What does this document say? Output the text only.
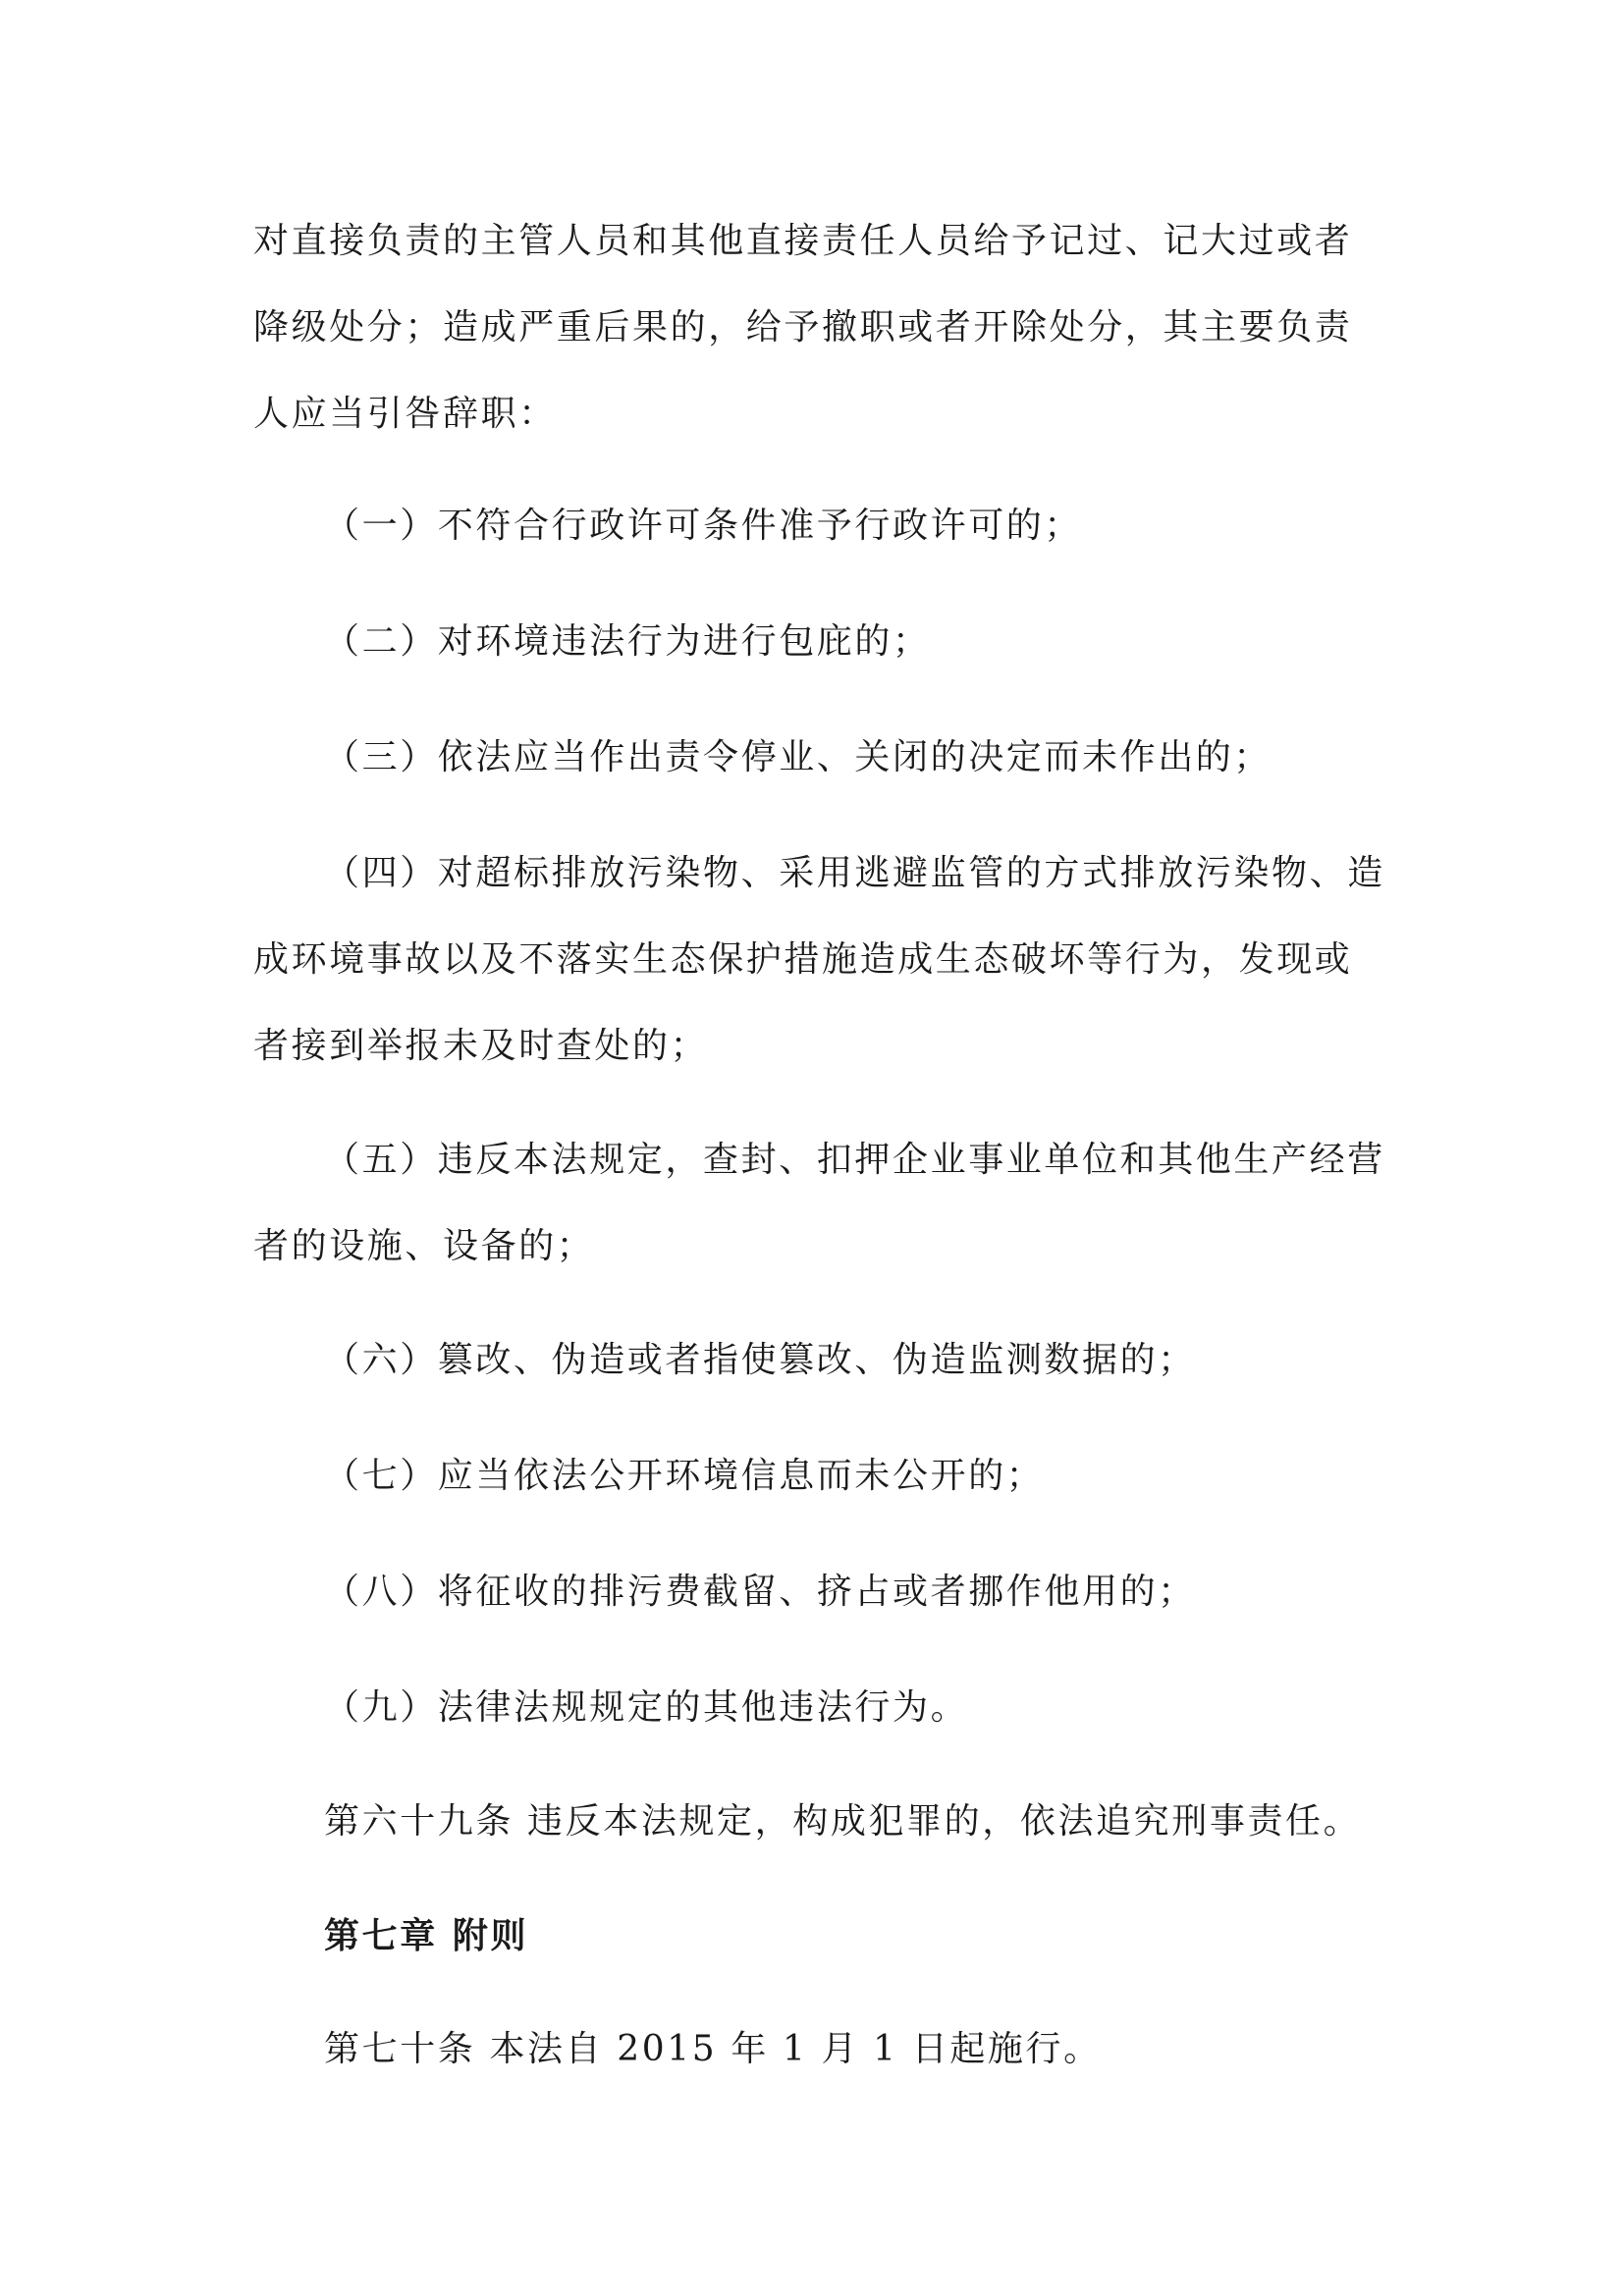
对直接负责的主管人员和其他直接责任人员给予记过、记大过或者
降级处分；造成严重后果的，给予撤职或者开除处分，其主要负责
人应当引咎辞职：
（一）不符合行政许可条件准予行政许可的；
（二）对环境违法行为进行包庇的；
（三）依法应当作出责令停业、关闭的决定而未作出的；
（四）对超标排放污染物、采用逃避监管的方式排放污染物、造
成环境事故以及不落实生态保护措施造成生态破坏等行为，发现或
者接到举报未及时查处的；
（五）违反本法规定，查封、扣押企业事业单位和其他生产经营
者的设施、设备的；
（六）篡改、伪造或者指使篡改、伪造监测数据的；
（七）应当依法公开环境信息而未公开的；
（八）将征收的排污费截留、挤占或者挪作他用的；
（九）法律法规规定的其他违法行为。
第六十九条 违反本法规定，构成犯罪的，依法追究刑事责任。
第七章 附则
第七十条 本法自 2015 年 1 月 1 日起施行。
